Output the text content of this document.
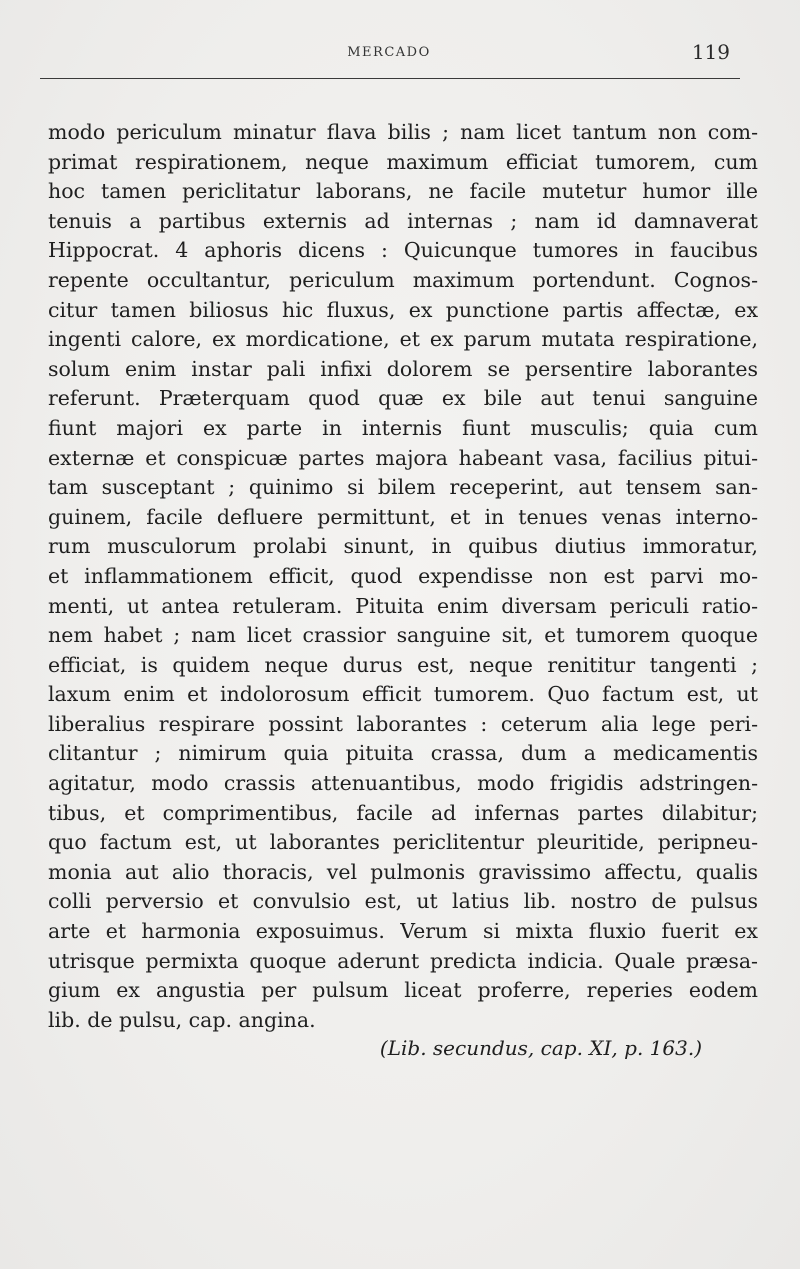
MERCADO	119
modo periculum minatur flava bilis ; nam licet tantum non com-
primat respirationem, neque maximum efficiat tumorem, cum
hoc tamen periclitatur laborans, ne facile mutetur humor ille
tenuis a partibus externis ad internas ; nam id damnaverat
Hippocrat. 4 aphoris dicens : Quicunque tumores in faucibus
repente occultantur, periculum maximum portendunt. Cognos-
citur tamen biliosus hic fluxus, ex punctione partis affectæ, ex
ingenti calore, ex mordicatione, et ex parum mutata respiratione,
solum enim instar pali infixi dolorem se persentire laborantes
referunt. Præterquam quod quæ ex bile aut tenui sanguine
fiunt majori ex parte in internis fiunt musculis; quia cum
externæ et conspicuæ partes majora habeant vasa, facilius pitui-
tam susceptant ; quinimo si bilem receperint, aut tensem san-
guinem, facile defluere permittunt, et in tenues venas interno-
rum musculorum prolabi sinunt, in quibus diutius immoratur,
et inflammationem efficit, quod expendisse non est parvi mo-
menti, ut antea retuleram. Pituita enim diversam periculi ratio-
nem habet ; nam licet crassior sanguine sit, et tumorem quoque
efficiat, is quidem neque durus est, neque renititur tangenti ;
laxum enim et indolorosum efficit tumorem. Quo factum est, ut
liberalius respirare possint laborantes : ceterum alia lege peri-
clitantur ; nimirum quia pituita crassa, dum a medicamentis
agitatur, modo crassis attenuantibus, modo frigidis adstringen-
tibus, et comprimentibus, facile ad infernas partes dilabitur;
quo factum est, ut laborantes periclitentur pleuritide, peripneu-
monia aut alio thoracis, vel pulmonis gravissimo affectu, qualis
colli perversio et convulsio est, ut latius lib. nostro de pulsus
arte et harmonia exposuimus. Verum si mixta fluxio fuerit ex
utrisque permixta quoque aderunt predicta indicia. Quale præsa-
gium ex angustia per pulsum liceat proferre, reperies eodem
lib. de pulsu, cap. angina.
(Lib. secundus, cap. XI, p. 163.)
